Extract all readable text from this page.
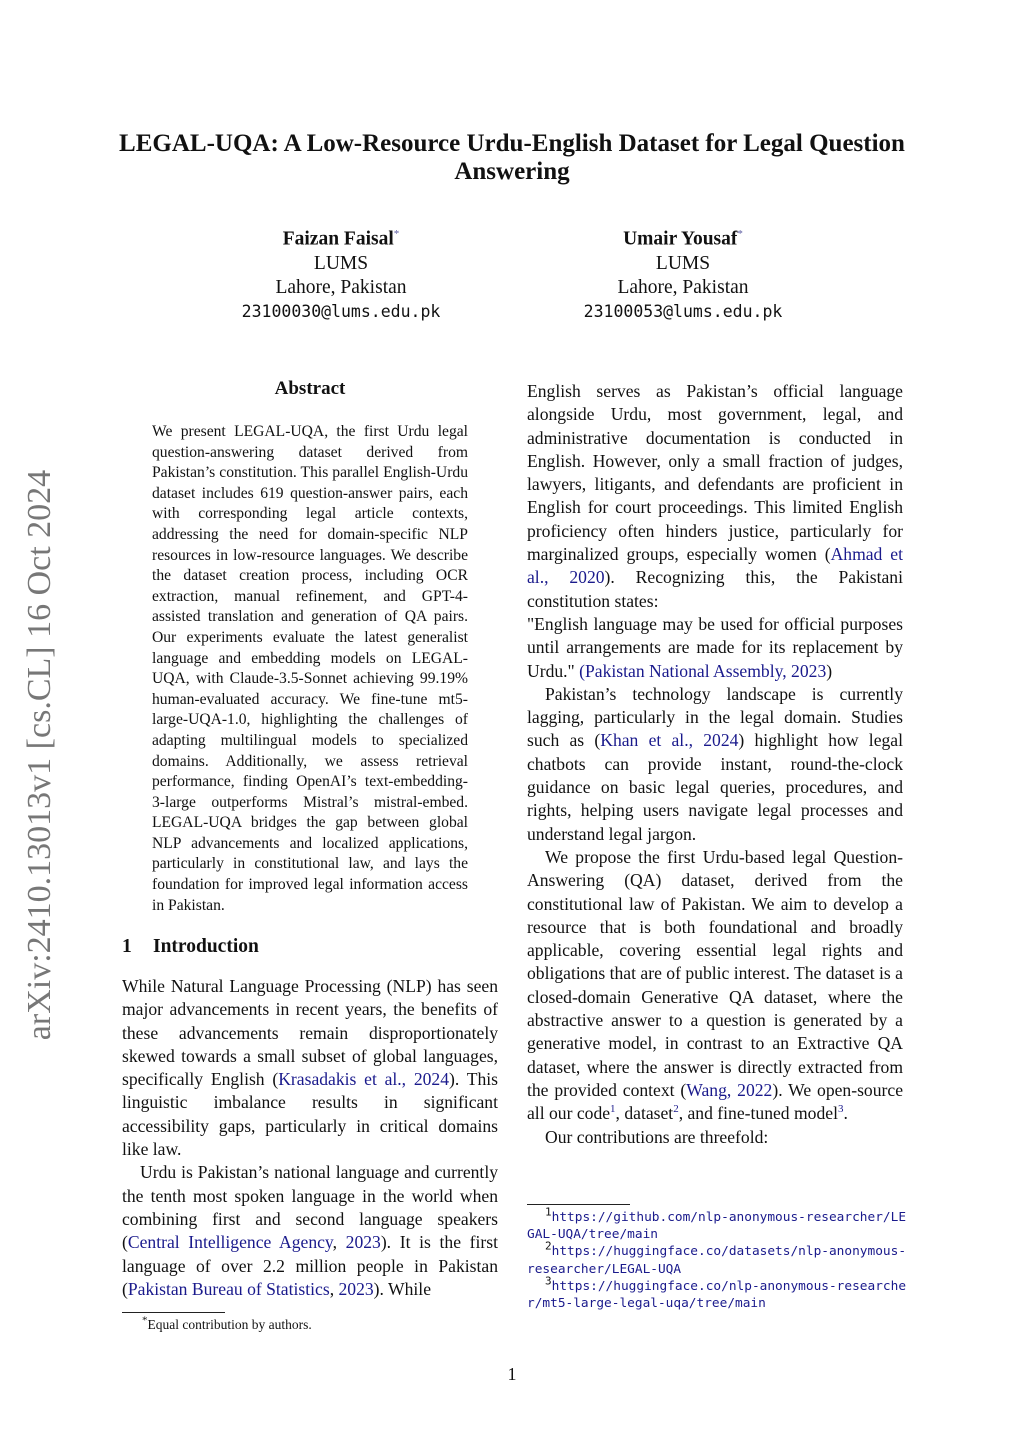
arXiv:2410.13013v1 [cs.CL] 16 Oct 2024
LEGAL-UQA: A Low-Resource Urdu-English Dataset for Legal Question Answering
Faizan Faisal*
LUMS
Lahore, Pakistan
23100030@lums.edu.pk
Umair Yousaf*
LUMS
Lahore, Pakistan
23100053@lums.edu.pk
Abstract
We present LEGAL-UQA, the first Urdu legal question-answering dataset derived from Pakistan’s constitution. This parallel English-Urdu dataset includes 619 question-answer pairs, each with corresponding legal article contexts, addressing the need for domain-specific NLP resources in low-resource languages. We describe the dataset creation process, including OCR extraction, manual refinement, and GPT-4-assisted translation and generation of QA pairs. Our experiments evaluate the latest generalist language and embedding models on LEGAL-UQA, with Claude-3.5-Sonnet achieving 99.19% human-evaluated accuracy. We fine-tune mt5-large-UQA-1.0, highlighting the challenges of adapting multilingual models to specialized domains. Additionally, we assess retrieval performance, finding OpenAI’s text-embedding-3-large outperforms Mistral’s mistral-embed. LEGAL-UQA bridges the gap between global NLP advancements and localized applications, particularly in constitutional law, and lays the foundation for improved legal information access in Pakistan.
1 Introduction

While Natural Language Processing (NLP) has seen major advancements in recent years, the benefits of these advancements remain disproportionately skewed towards a small subset of global languages, specifically English (Krasadakis et al., 2024). This linguistic imbalance results in significant accessibility gaps, particularly in critical domains like law.

Urdu is Pakistan’s national language and currently the tenth most spoken language in the world when combining first and second language speakers (Central Intelligence Agency, 2023). It is the first language of over 2.2 million people in Pakistan (Pakistan Bureau of Statistics, 2023). While

*Equal contribution by authors.

English serves as Pakistan’s official language alongside Urdu, most government, legal, and administrative documentation is conducted in English. However, only a small fraction of judges, lawyers, litigants, and defendants are proficient in English for court proceedings. This limited English proficiency often hinders justice, particularly for marginalized groups, especially women (Ahmad et al., 2020). Recognizing this, the Pakistani constitution states:

"English language may be used for official purposes until arrangements are made for its replacement by Urdu." (Pakistan National Assembly, 2023)

Pakistan’s technology landscape is currently lagging, particularly in the legal domain. Studies such as (Khan et al., 2024) highlight how legal chatbots can provide instant, round-the-clock guidance on basic legal queries, procedures, and rights, helping users navigate legal processes and understand legal jargon.

We propose the first Urdu-based legal Question-Answering (QA) dataset, derived from the constitutional law of Pakistan. We aim to develop a resource that is both foundational and broadly applicable, covering essential legal rights and obligations that are of public interest. The dataset is a closed-domain Generative QA dataset, where the abstractive answer to a question is generated by a generative model, in contrast to an Extractive QA dataset, where the answer is directly extracted from the provided context (Wang, 2022). We open-source all our code$^1$, dataset$^2$, and fine-tuned model$^3$.

Our contributions are threefold:

$^1$https://github.com/nlp-anonymous-researcher/LEGAL-UQA/tree/main
$^2$https://huggingface.co/datasets/nlp-anonymous-researcher/LEGAL-UQA
$^3$https://huggingface.co/nlp-anonymous-researcher/mt5-large-legal-uqa/tree/main
1
